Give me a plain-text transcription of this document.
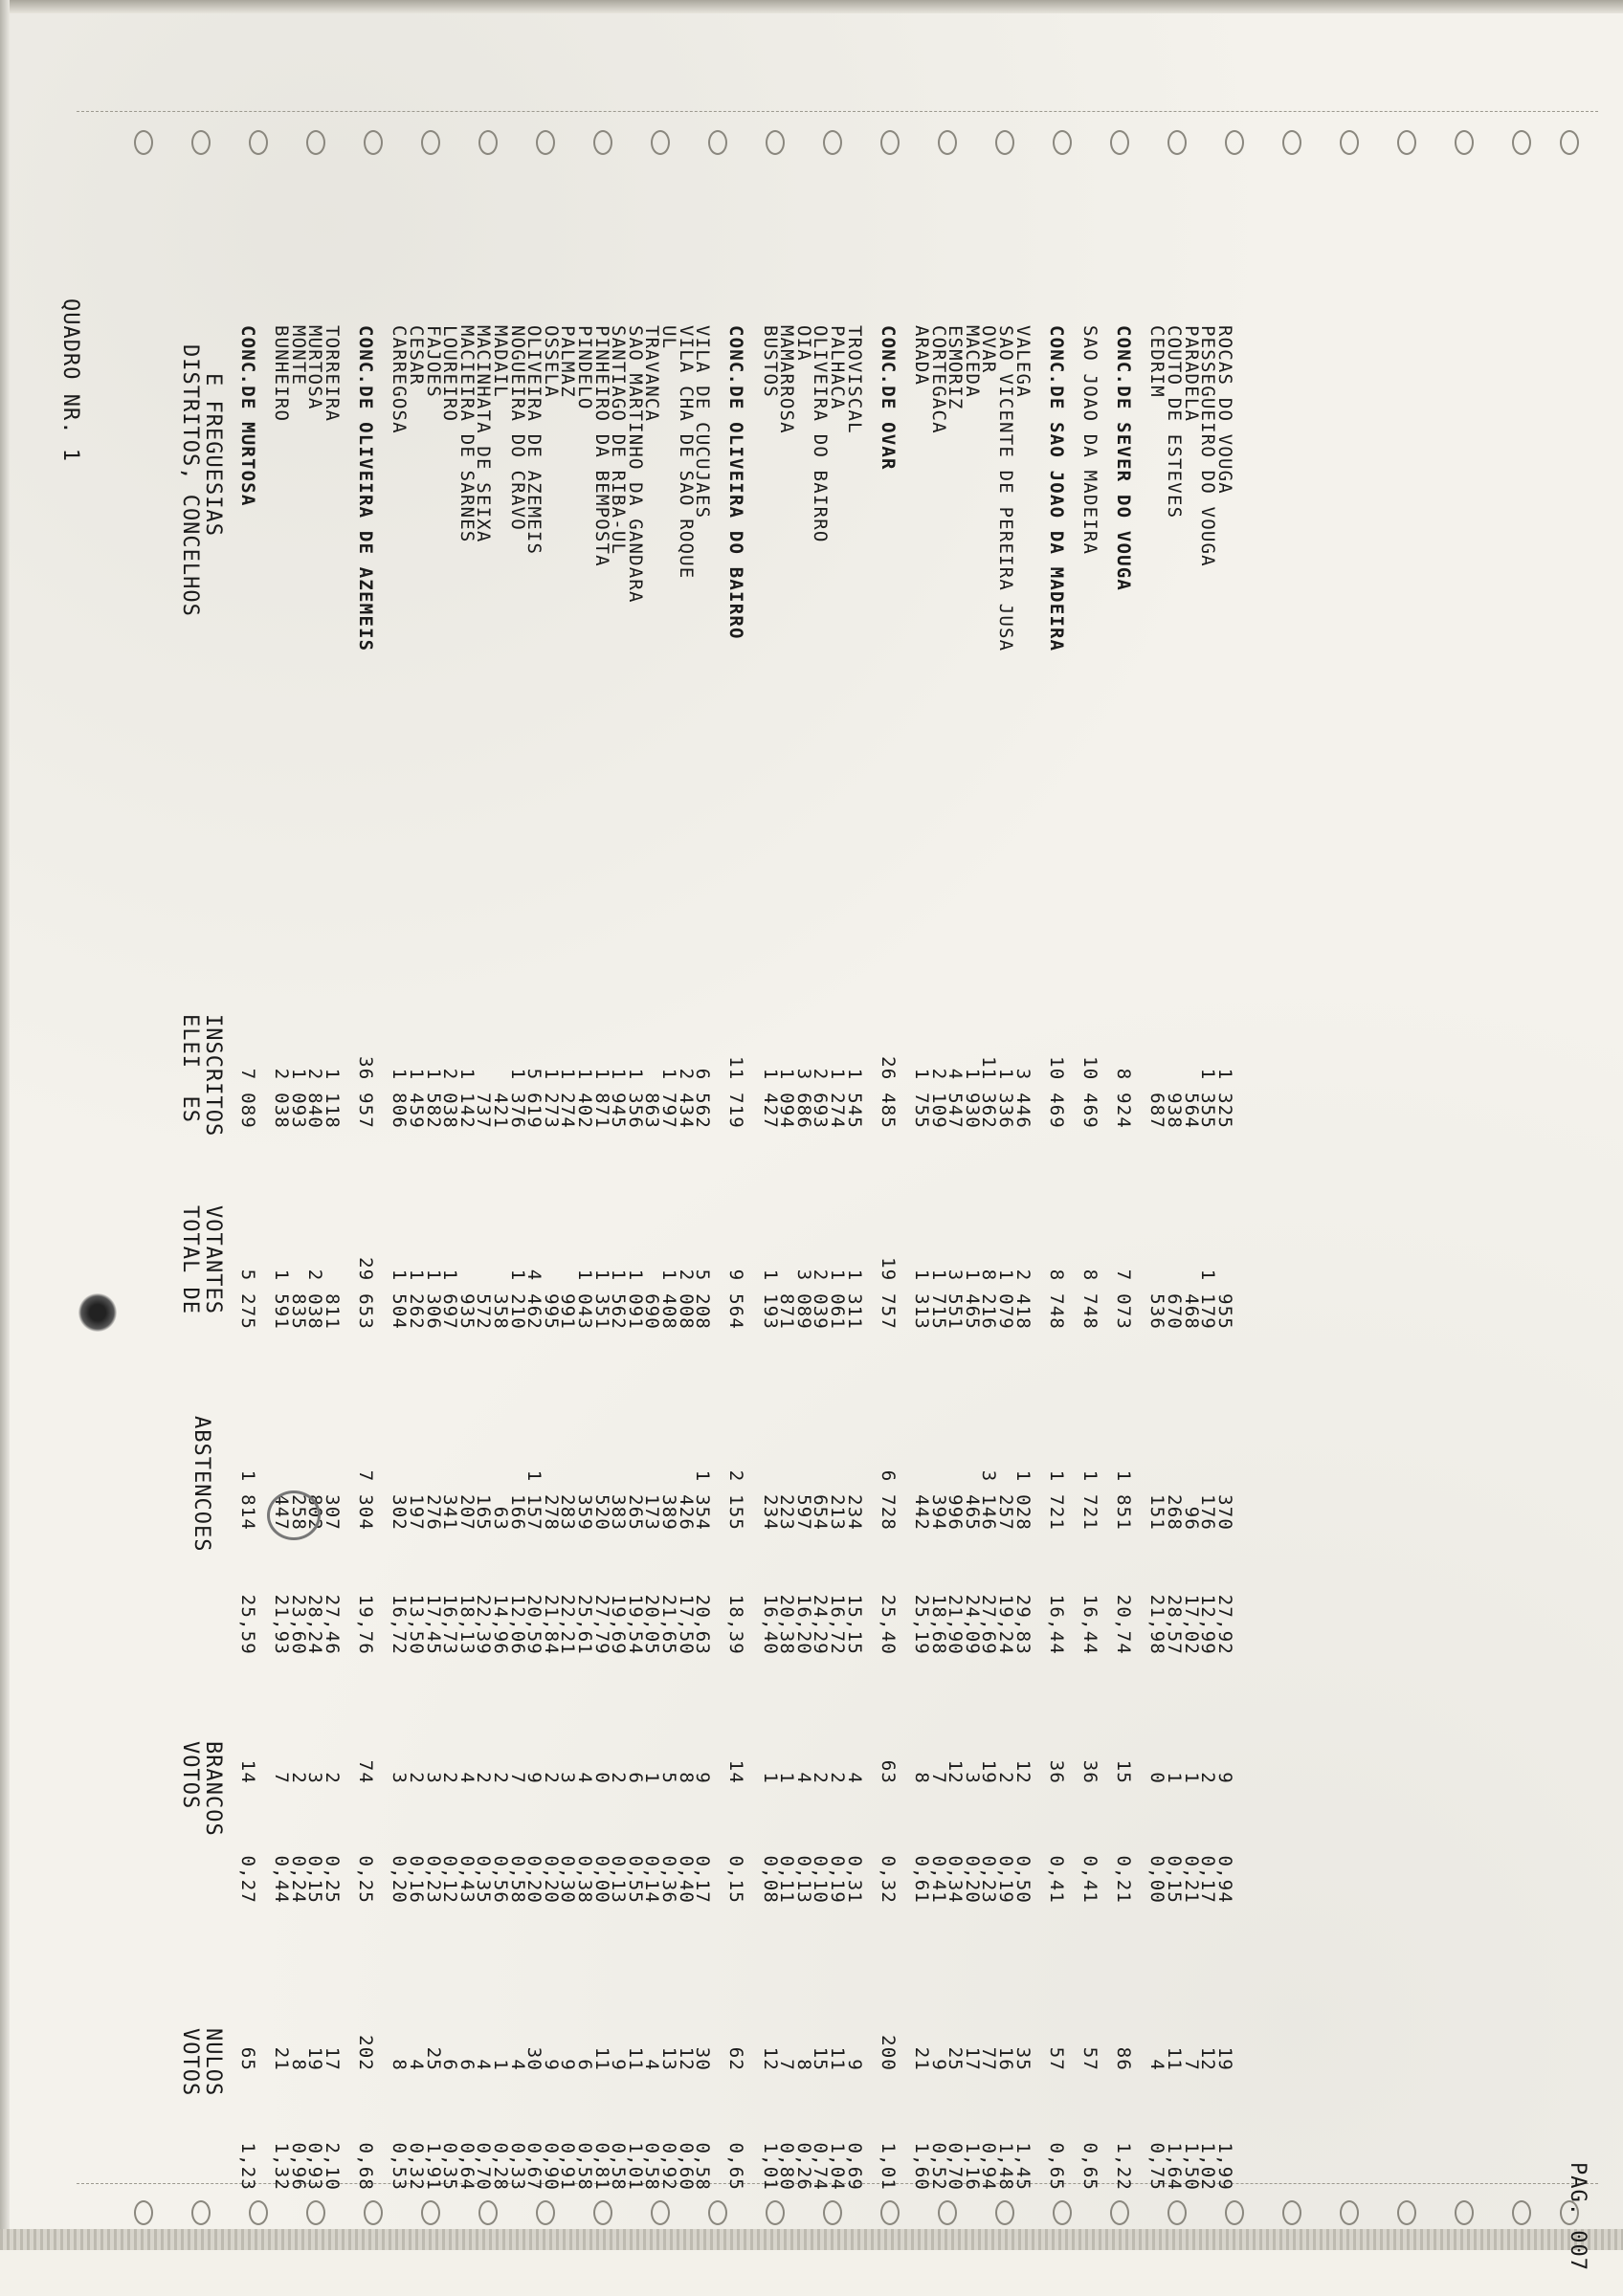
QUADRO NR. 1
PAG. 007
DISTRITOS, CONCELHOS E FREGUESIAS
ELEI  ES INSCRITOS
TOTAL DE VOTANTES
ABSTENCOES
VOTOS BRANCOS
VOTOS NULOS
CONC.DE MURTOSA
7 089
5 275
1 814
25,59
14
0,27
65
1,23
BUNHEIRO
2 038
1 591
447
21,93
7
0,44
21
1,32
MONTE
1 093
835
258
23,60
2
0,24
8
0,96
MURTOSA
2 840
2 038
802
28,24
3
0,15
19
0,93
TORREIRA
1 118
811
307
27,46
2
0,25
17
2,10
CONC.DE OLIVEIRA DE AZEMEIS
36 957
29 653
7 304
19,76
74
0,25
202
0,68
CARREGOSA
1 806
1 504
302
16,72
3
0,20
8
0,53
CESAR
1 459
1 262
197
13,50
2
0,16
4
0,32
FAJOES
1 582
1 306
276
17,45
3
0,23
25
1,91
LOUREIRO
2 038
1 697
341
16,73
2
0,12
6
0,35
MACIEIRA DE SARNES
1 142
935
207
18,13
4
0,43
6
0,64
MACINHATA DE SEIXA
737
572
165
22,39
2
0,35
4
0,70
MADAIL
421
358
63
14,96
2
0,56
1
0,28
NOGUEIRA DO CRAVO
1 376
1 210
166
12,06
7
0,58
4
0,33
OLIVEIRA DE AZEMEIS
5 619
4 462
1 157
20,59
9
0,20
30
0,67
OSSELA
1 273
995
278
21,84
2
0,20
9
0,90
PALMAZ
1 274
991
283
22,21
3
0,30
9
0,91
PINDELO
1 402
1 043
359
25,61
4
0,38
6
0,58
PINHEIRO DA BEMPOSTA
1 871
1 351
520
27,79
0
0,00
11
0,81
SANTIAGO DE RIBA-UL
1 945
1 562
383
19,69
2
0,13
9
0,58
SAO MARTINHO DA GANDARA
1 356
1 091
265
19,54
6
0,55
11
1,01
TRAVANCA
863
690
173
20,05
1
0,14
4
0,58
UL
1 797
1 408
389
21,65
5
0,36
13
0,92
VILA CHA DE SAO ROQUE
2 434
2 008
426
17,50
8
0,40
12
0,60
VILA DE CUCUJAES
6 562
5 208
1 354
20,63
9
0,17
30
0,58
CONC.DE OLIVEIRA DO BAIRRO
11 719
9 564
2 155
18,39
14
0,15
62
0,65
BUSTOS
1 427
1 193
234
16,40
1
0,08
12
1,01
MAMARROSA
1 094
871
223
20,38
1
0,11
7
0,80
OIA
3 686
3 089
597
16,20
4
0,13
8
0,26
OLIVEIRA DO BAIRRO
2 693
2 039
654
24,29
2
0,10
15
0,74
PALHACA
1 274
1 061
213
16,72
2
0,19
11
1,04
TROVISCAL
1 545
1 311
234
15,15
4
0,31
9
0,69
CONC.DE OVAR
26 485
19 757
6 728
25,40
63
0,32
200
1,01
ARADA
1 755
1 313
442
25,19
8
0,61
21
1,60
CORTEGACA
2 109
1 715
394
18,68
7
0,41
9
0,52
ESMORIZ
4 547
3 551
996
21,90
12
0,34
25
0,70
MACEDA
1 930
1 465
465
24,09
3
0,20
17
1,16
OVAR
11 362
8 216
3 146
27,69
19
0,23
77
0,94
SAO VICENTE DE PEREIRA JUSA
1 336
1 079
257
19,24
2
0,19
16
1,48
VALEGA
3 446
2 418
1 028
29,83
12
0,50
35
1,45
CONC.DE SAO JOAO DA MADEIRA
10 469
8 748
1 721
16,44
36
0,41
57
0,65
SAO JOAO DA MADEIRA
10 469
8 748
1 721
16,44
36
0,41
57
0,65
CONC.DE SEVER DO VOUGA
8 924
7 073
1 851
20,74
15
0,21
86
1,22
CEDRIM
687
536
151
21,98
0
0,00
4
0,75
COUTO DE ESTEVES
938
670
268
28,57
1
0,15
11
1,64
PARADELA
564
468
96
17,02
1
0,21
7
1,50
PESSEGUEIRO DO VOUGA
1 355
1 179
176
12,99
2
0,17
12
1,02
ROCAS DO VOUGA
1 325
955
370
27,92
9
0,94
19
1,99
